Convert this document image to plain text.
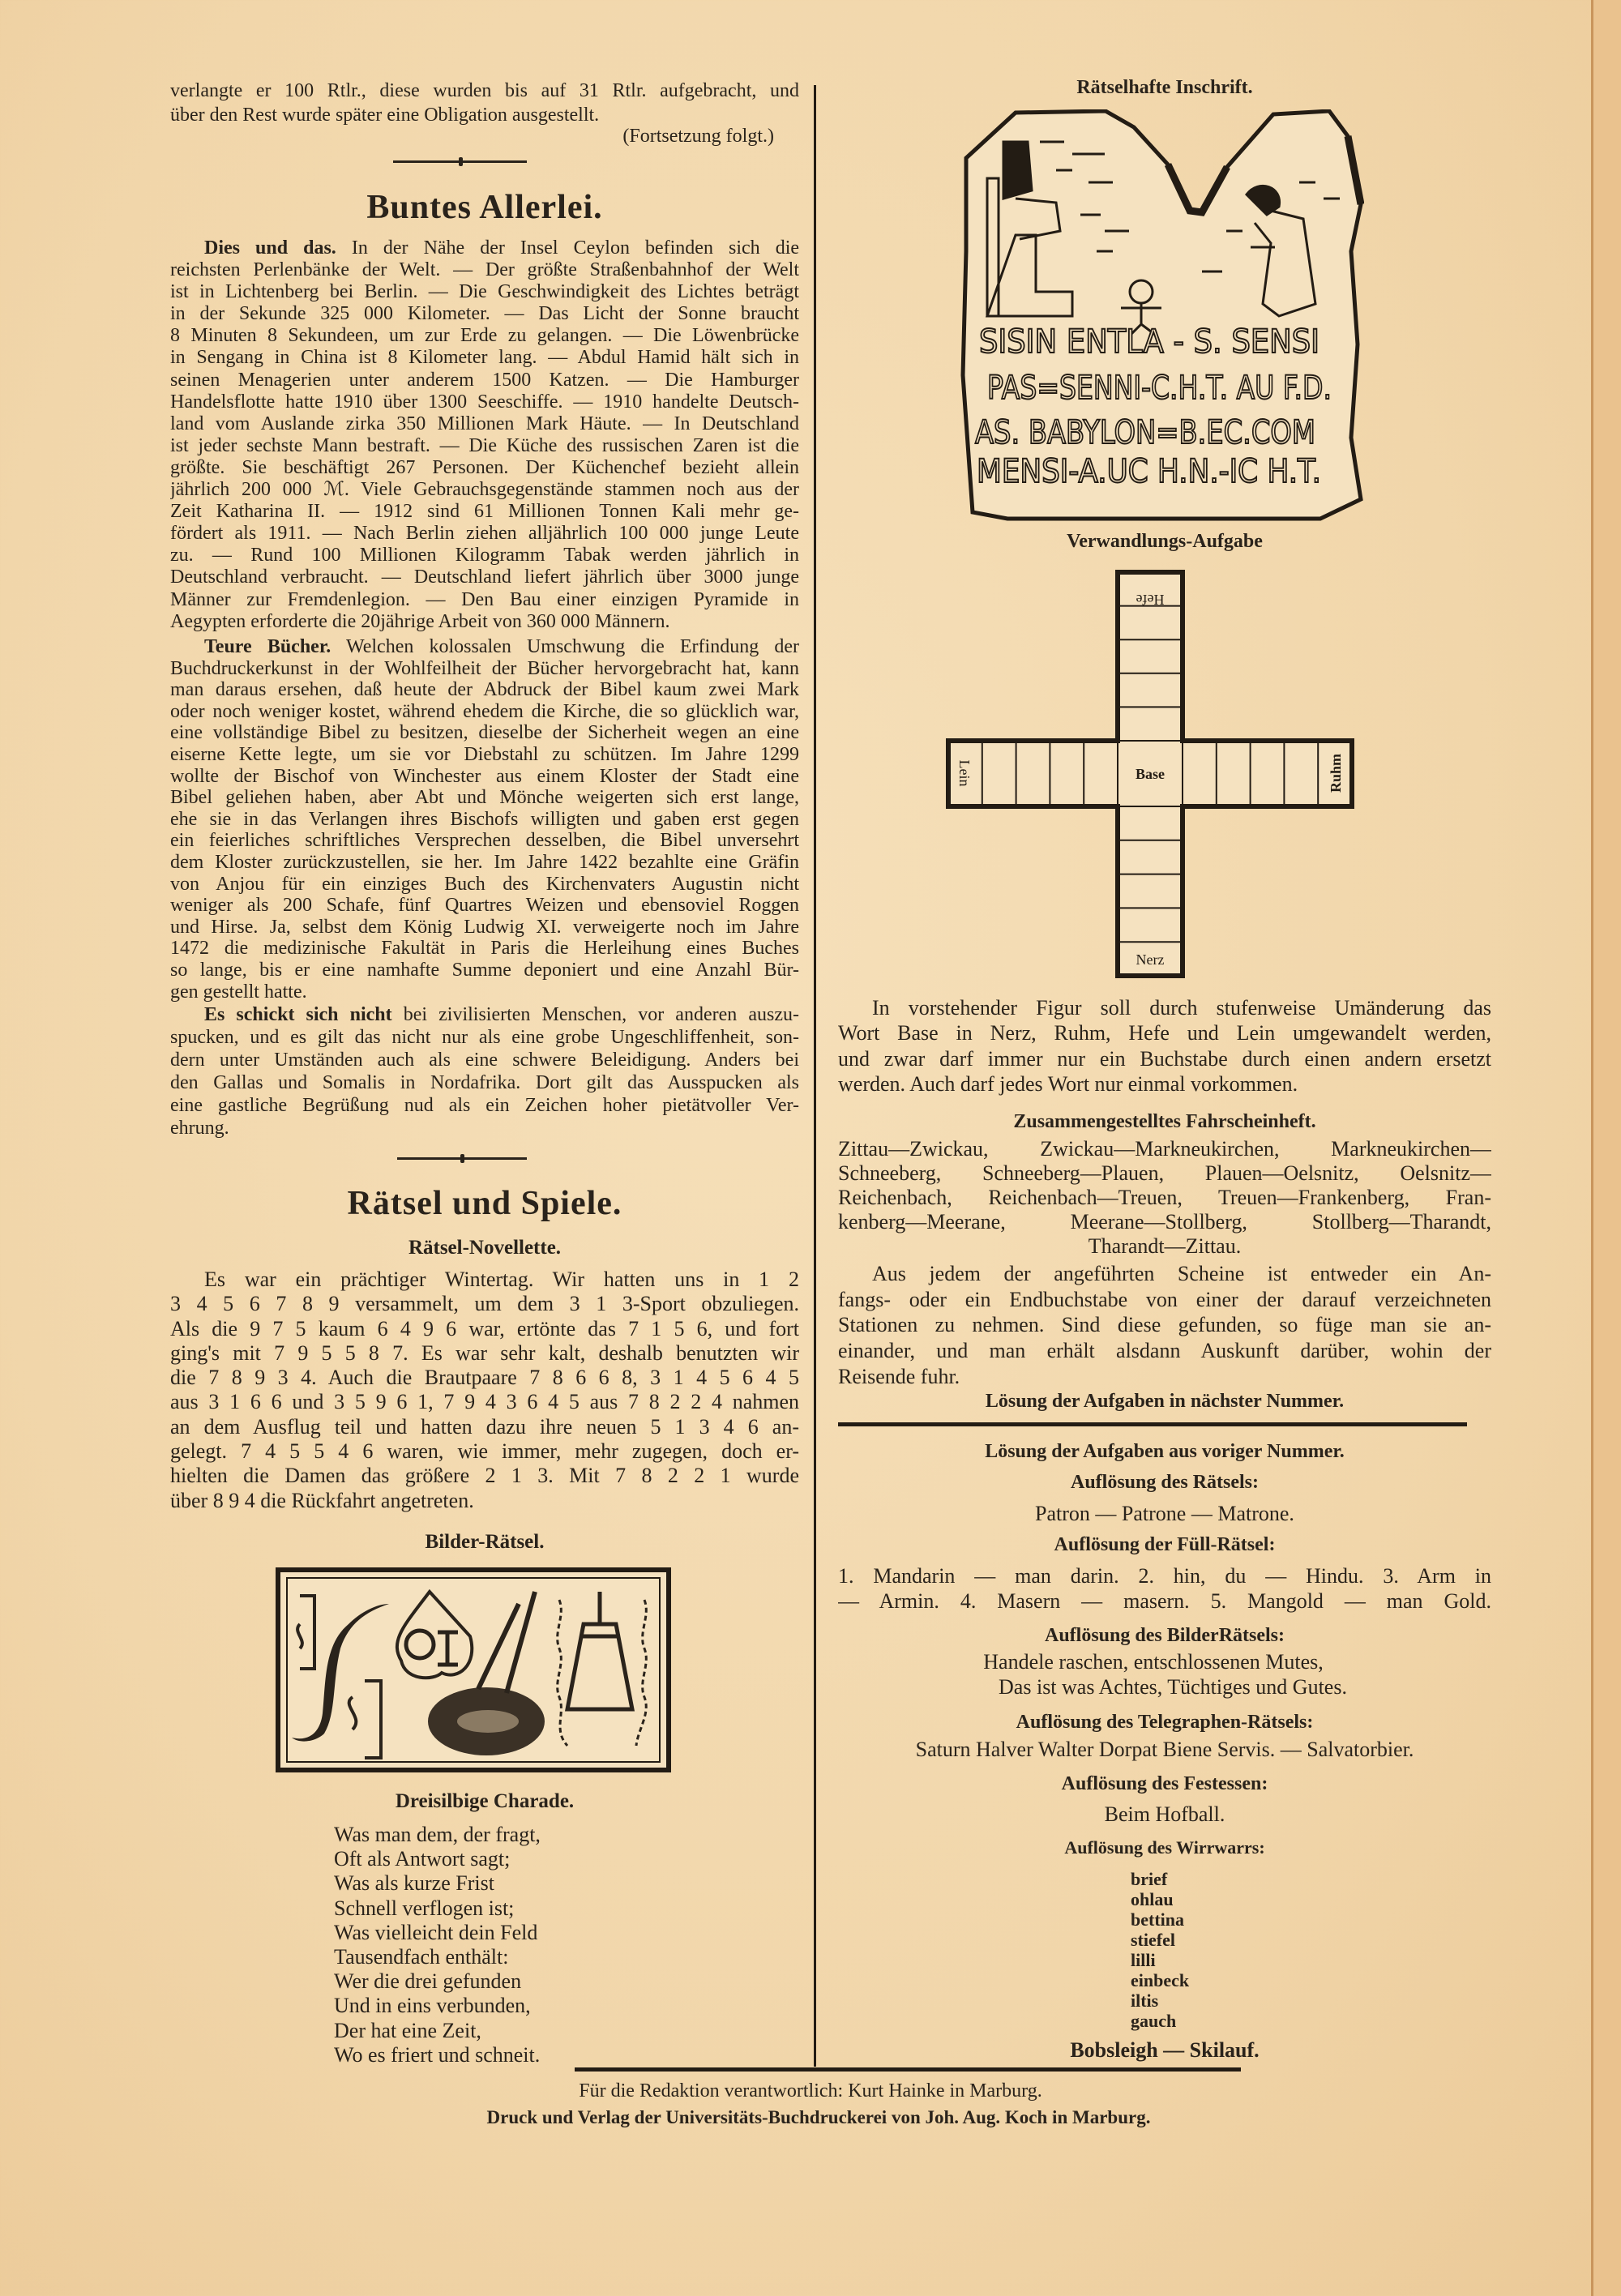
verlangte er 100 Rtlr., diese wurden bis auf 31 Rtlr. aufgebracht, und
über den Rest wurde später eine Obligation ausgestellt.
(Fortsetzung folgt.)
Buntes Allerlei.
Dies und das. In der Nähe der Insel Ceylon befinden sich die
reichsten Perlenbänke der Welt. — Der größte Straßenbahnhof der Welt
ist in Lichtenberg bei Berlin. — Die Geschwindigkeit des Lichtes beträgt
in der Sekunde 325 000 Kilometer. — Das Licht der Sonne braucht
8 Minuten 8 Sekundeen, um zur Erde zu gelangen. — Die Löwenbrücke
in Sengang in China ist 8 Kilometer lang. — Abdul Hamid hält sich in
seinen Menagerien unter anderem 1500 Katzen. — Die Hamburger
Handelsflotte hatte 1910 über 1300 Seeschiffe. — 1910 handelte Deutsch-
land vom Auslande zirka 350 Millionen Mark Häute. — In Deutschland
ist jeder sechste Mann bestraft. — Die Küche des russischen Zaren ist die
größte. Sie beschäftigt 267 Personen. Der Küchenchef bezieht allein
jährlich 200 000 ℳ. Viele Gebrauchsgegenstände stammen noch aus der
Zeit Katharina II. — 1912 sind 61 Millionen Tonnen Kali mehr ge-
fördert als 1911. — Nach Berlin ziehen alljährlich 100 000 junge Leute
zu. — Rund 100 Millionen Kilogramm Tabak werden jährlich in
Deutschland verbraucht. — Deutschland liefert jährlich über 3000 junge
Männer zur Fremdenlegion. — Den Bau einer einzigen Pyramide in
Aegypten erforderte die 20jährige Arbeit von 360 000 Männern.
Teure Bücher. Welchen kolossalen Umschwung die Erfindung der
Buchdruckerkunst in der Wohlfeilheit der Bücher hervorgebracht hat, kann
man daraus ersehen, daß heute der Abdruck der Bibel kaum zwei Mark
oder noch weniger kostet, während ehedem die Kirche, die so glücklich war,
eine vollständige Bibel zu besitzen, dieselbe der Sicherheit wegen an eine
eiserne Kette legte, um sie vor Diebstahl zu schützen. Im Jahre 1299
wollte der Bischof von Winchester aus einem Kloster der Stadt eine
Bibel geliehen haben, aber Abt und Mönche weigerten sich erst lange,
ehe sie in das Verlangen ihres Bischofs willigten und gaben erst gegen
ein feierliches schriftliches Versprechen desselben, die Bibel unversehrt
dem Kloster zurückzustellen, sie her. Im Jahre 1422 bezahlte eine Gräfin
von Anjou für ein einziges Buch des Kirchenvaters Augustin nicht
weniger als 200 Schafe, fünf Quartres Weizen und ebensoviel Roggen
und Hirse. Ja, selbst dem König Ludwig XI. verweigerte noch im Jahre
1472 die medizinische Fakultät in Paris die Herleihung eines Buches
so lange, bis er eine namhafte Summe deponiert und eine Anzahl Bür-
gen gestellt hatte.
Es schickt sich nicht bei zivilisierten Menschen, vor anderen auszu-
spucken, und es gilt das nicht nur als eine grobe Ungeschliffenheit, son-
dern unter Umständen auch als eine schwere Beleidigung. Anders bei
den Gallas und Somalis in Nordafrika. Dort gilt das Ausspucken als
eine gastliche Begrüßung nud als ein Zeichen hoher pietätvoller Ver-
ehrung.
Rätsel und Spiele.
Rätsel-Novellette.
Es war ein prächtiger Wintertag. Wir hatten uns in 1 2
3 4 5 6 7 8 9 versammelt, um dem 3 1 3-Sport obzuliegen.
Als die 9 7 5 kaum 6 4 9 6 war, ertönte das 7 1 5 6, und fort
ging's mit 7 9 5 5 8 7. Es war sehr kalt, deshalb benutzten wir
die 7 8 9 3 4. Auch die Brautpaare 7 8 6 6 8, 3 1 4 5 6 4 5
aus 3 1 6 6 und 3 5 9 6 1, 7 9 4 3 6 4 5 aus 7 8 2 2 4 nahmen
an dem Ausflug teil und hatten dazu ihre neuen 5 1 3 4 6 an-
gelegt. 7 4 5 5 4 6 waren, wie immer, mehr zugegen, doch er-
hielten die Damen das größere 2 1 3. Mit 7 8 2 2 1 wurde
über 8 9 4 die Rückfahrt angetreten.
Bilder-Rätsel.
Dreisilbige Charade.
Was man dem, der fragt,
Oft als Antwort sagt;
Was als kurze Frist
Schnell verflogen ist;
Was vielleicht dein Feld
Tausendfach enthält:
Wer die drei gefunden
Und in eins verbunden,
Der hat eine Zeit,
Wo es friert und schneit.
Rätselhafte Inschrift.
SISIN ENTLA - S. SENSI
PAS=SENNI-C.H.T. AU F.D.
AS. BABYLON=B.EC.COM
MENSI-A.UC H.N.-IC H.T.
Verwandlungs-Aufgabe
Hefe
Lein	Base	Ruhm
Nerz
In vorstehender Figur soll durch stufenweise Umänderung das
Wort Base in Nerz, Ruhm, Hefe und Lein umgewandelt werden,
und zwar darf immer nur ein Buchstabe durch einen andern ersetzt
werden. Auch darf jedes Wort nur einmal vorkommen.
Zusammengestelltes Fahrscheinheft.
Zittau—Zwickau, Zwickau—Markneukirchen, Markneukirchen—
Schneeberg, Schneeberg—Plauen, Plauen—Oelsnitz, Oelsnitz—
Reichenbach, Reichenbach—Treuen, Treuen—Frankenberg, Fran-
kenberg—Meerane, Meerane—Stollberg, Stollberg—Tharandt,
Tharandt—Zittau.
Aus jedem der angeführten Scheine ist entweder ein An-
fangs- oder ein Endbuchstabe von einer der darauf verzeichneten
Stationen zu nehmen. Sind diese gefunden, so füge man sie an-
einander, und man erhält alsdann Auskunft darüber, wohin der
Reisende fuhr.
Lösung der Aufgaben in nächster Nummer.
Lösung der Aufgaben aus voriger Nummer.
Auflösung des Rätsels:
Patron — Patrone — Matrone.
Auflösung der Füll-Rätsel:
1. Mandarin — man darin. 2. hin, du — Hindu. 3. Arm in
— Armin. 4. Masern — masern. 5. Mangold — man Gold.
Auflösung des BilderRätsels:
Handele raschen, entschlossenen Mutes,
Das ist was Achtes, Tüchtiges und Gutes.
Auflösung des Telegraphen-Rätsels:
Saturn Halver Walter Dorpat Biene Servis. — Salvatorbier.
Auflösung des Festessen:
Beim Hofball.
Auflösung des Wirrwarrs:
brief
ohlau
bettina
stiefel
lilli
einbeck
iltis
gauch
Bobsleigh — Skilauf.
Für die Redaktion verantwortlich: Kurt Hainke in Marburg.
Druck und Verlag der Universitäts-Buchdruckerei von Joh. Aug. Koch in Marburg.
